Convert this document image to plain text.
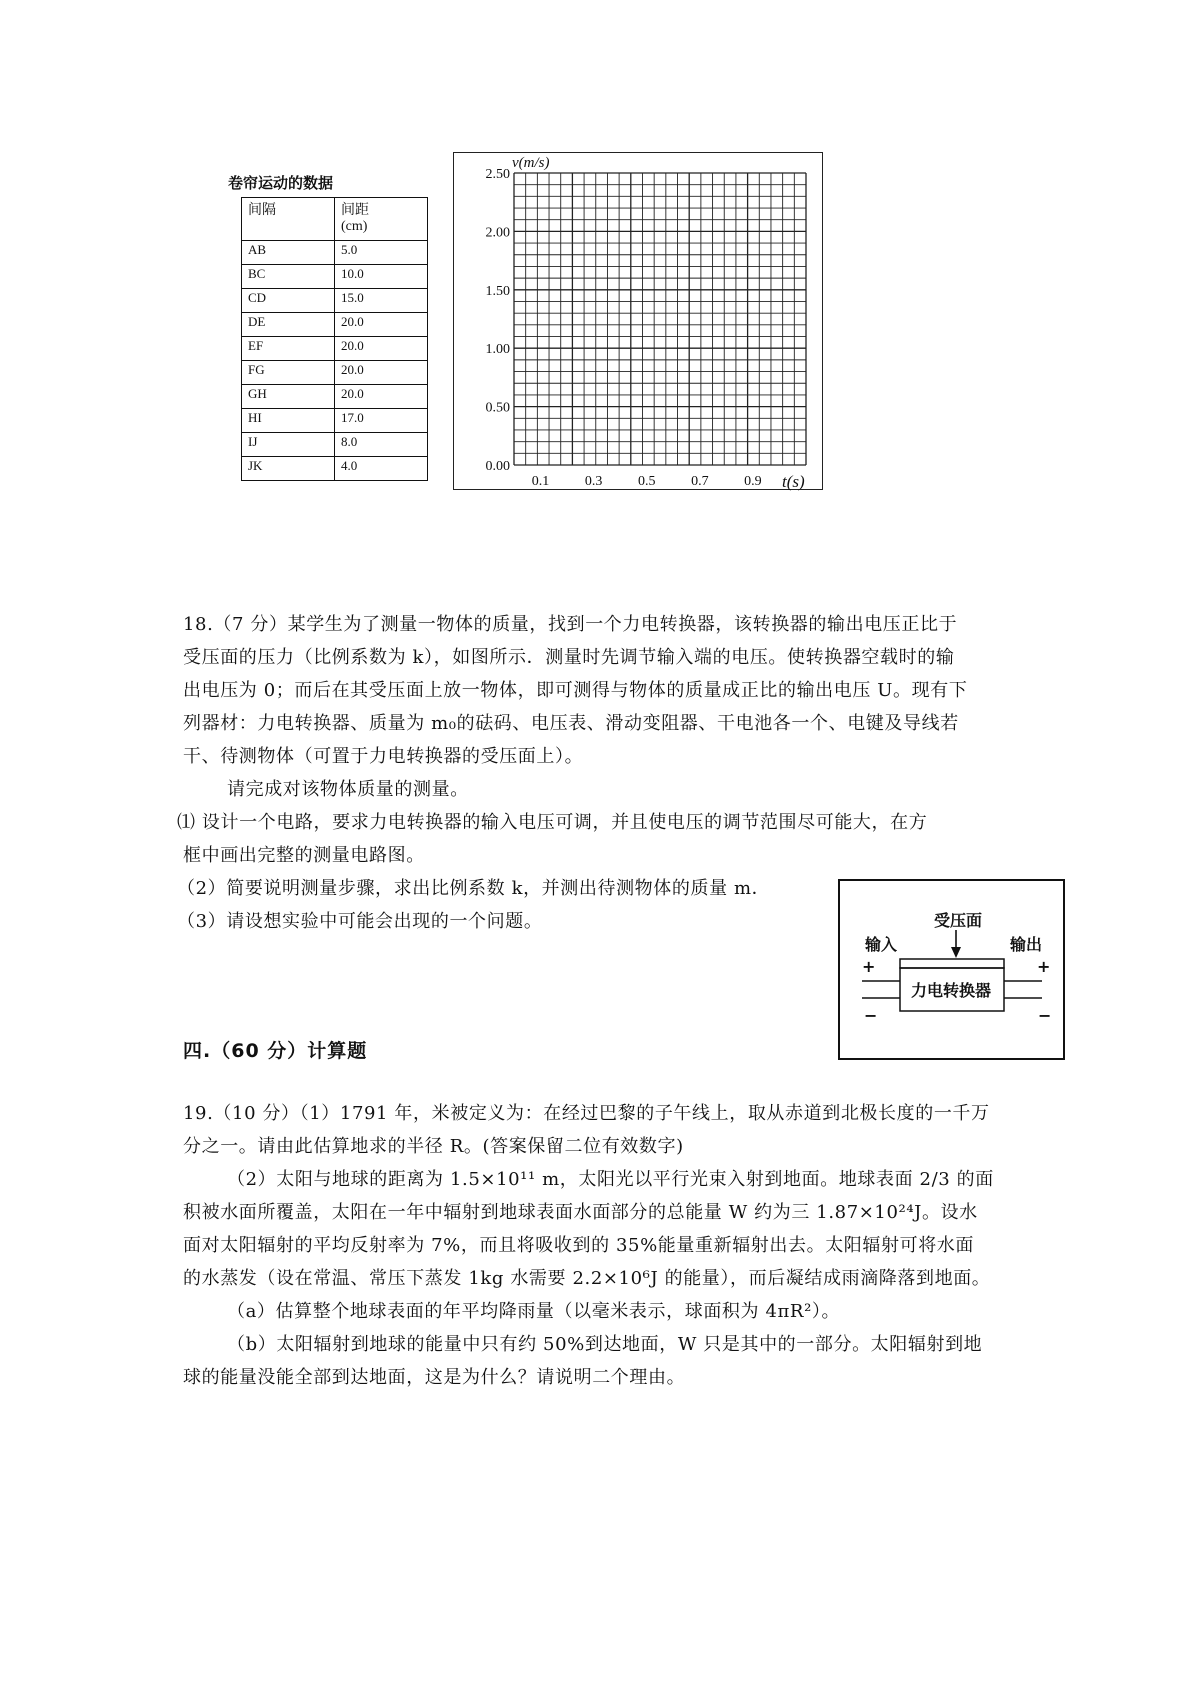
卷帘运动的数据
间隔	间距
(cm)

AB	5.0
BC	10.0
CD	15.0
DE	20.0
EF	20.0
FG	20.0
GH	20.0
HI	17.0
IJ	8.0
JK	4.0	0.00
0.50
1.00
1.50
2.00
2.50
0.1	0.3	0.5	0.7	0.9
v(m/s)
t(s)
18.（7 分）某学生为了测量一物体的质量，找到一个力电转换器，该转换器的输出电压正比于
受压面的压力（比例系数为 k），如图所示．测量时先调节输入端的电压。使转换器空载时的输
出电压为 0；而后在其受压面上放一物体，即可测得与物体的质量成正比的输出电压 U。现有下
列器材：力电转换器、质量为 m₀的砝码、电压表、滑动变阻器、干电池各一个、电键及导线若
干、待测物体（可置于力电转换器的受压面上）。
请完成对该物体质量的测量。
⑴ 设计一个电路，要求力电转换器的输入电压可调，并且使电压的调节范围尽可能大，在方
框中画出完整的测量电路图。
（2）简要说明测量步骤，求出比例系数 k，并测出待测物体的质量 m．
（3）请设想实验中可能会出现的一个问题。	受压面
输入	输出
力电转换器
+	+
−	−
四.（60 分）计算题
19.（10 分）（1）1791 年，米被定义为：在经过巴黎的子午线上，取从赤道到北极长度的一千万
分之一。请由此估算地求的半径 R。(答案保留二位有效数字)
（2）太阳与地球的距离为 1.5×10¹¹ m，太阳光以平行光束入射到地面。地球表面 2/3 的面
积被水面所覆盖，太阳在一年中辐射到地球表面水面部分的总能量 W 约为三 1.87×10²⁴J。设水
面对太阳辐射的平均反射率为 7%，而且将吸收到的 35%能量重新辐射出去。太阳辐射可将水面
的水蒸发（设在常温、常压下蒸发 1kg 水需要 2.2×10⁶J 的能量），而后凝结成雨滴降落到地面。
（a）估算整个地球表面的年平均降雨量（以毫米表示，球面积为 4πR²）。
（b）太阳辐射到地球的能量中只有约 50%到达地面，W 只是其中的一部分。太阳辐射到地
球的能量没能全部到达地面，这是为什么？请说明二个理由。
